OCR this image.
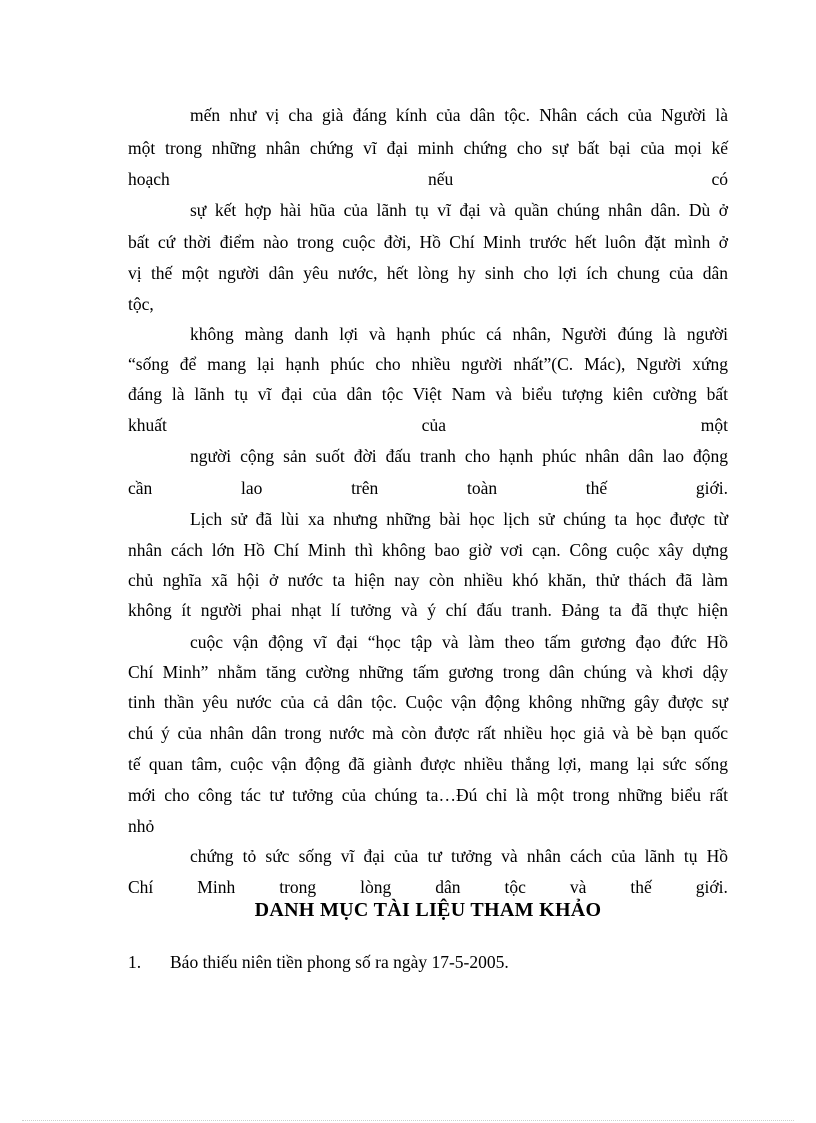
mến như vị cha già đáng kính của dân tộc. Nhân cách của Người là
một trong những nhân chứng vĩ đại minh chứng cho sự bất bại của mọi kế
hoạch	nếu	có
sự kết hợp hài hũa của lãnh tụ vĩ đại và quần chúng nhân dân. Dù ở
bất cứ thời điểm nào trong cuộc đời, Hồ Chí Minh trước hết luôn đặt mình ở
vị thế một người dân yêu nước, hết lòng hy sinh cho lợi ích chung của dân
tộc,
không màng danh lợi và hạnh phúc cá nhân, Người đúng là người
“sống để mang lại hạnh phúc cho nhiều người nhất”(C. Mác), Người xứng
đáng là lãnh tụ vĩ đại của dân tộc Việt Nam và biểu tượng kiên cường bất
khuất	của	một
người cộng sản suốt đời đấu tranh cho hạnh phúc nhân dân lao động
cần	lao	trên	toàn	thế	giới.
Lịch sử đã lùi xa nhưng những bài học lịch sử chúng ta học được từ
nhân cách lớn Hồ Chí Minh thì không bao giờ vơi cạn. Công cuộc xây dựng
chủ nghĩa xã hội ở nước ta hiện nay còn nhiều khó khăn, thử thách đã làm
không ít người phai nhạt lí tưởng và ý chí đấu tranh. Đảng ta đã thực hiện
cuộc vận động vĩ đại “học tập và làm theo tấm gương đạo đức Hồ
Chí Minh” nhằm tăng cường những tấm gương trong dân chúng và khơi dậy
tinh thần yêu nước của cả dân tộc. Cuộc vận động không những gây được sự
chú ý của nhân dân trong nước mà còn được rất nhiều học giả và bè bạn quốc
tế quan tâm, cuộc vận động đã giành được nhiều thắng lợi, mang lại sức sống
mới cho công tác tư tưởng của chúng ta…Đú chỉ là một trong những biểu rất
nhỏ
chứng tỏ sức sống vĩ đại của tư tưởng và nhân cách của lãnh tụ Hồ
Chí	Minh	trong	lòng	dân	tộc	và	thế	giới.
DANH MỤC TÀI LIỆU THAM KHẢO
1. Báo thiếu niên tiền phong số ra ngày 17-5-2005.
